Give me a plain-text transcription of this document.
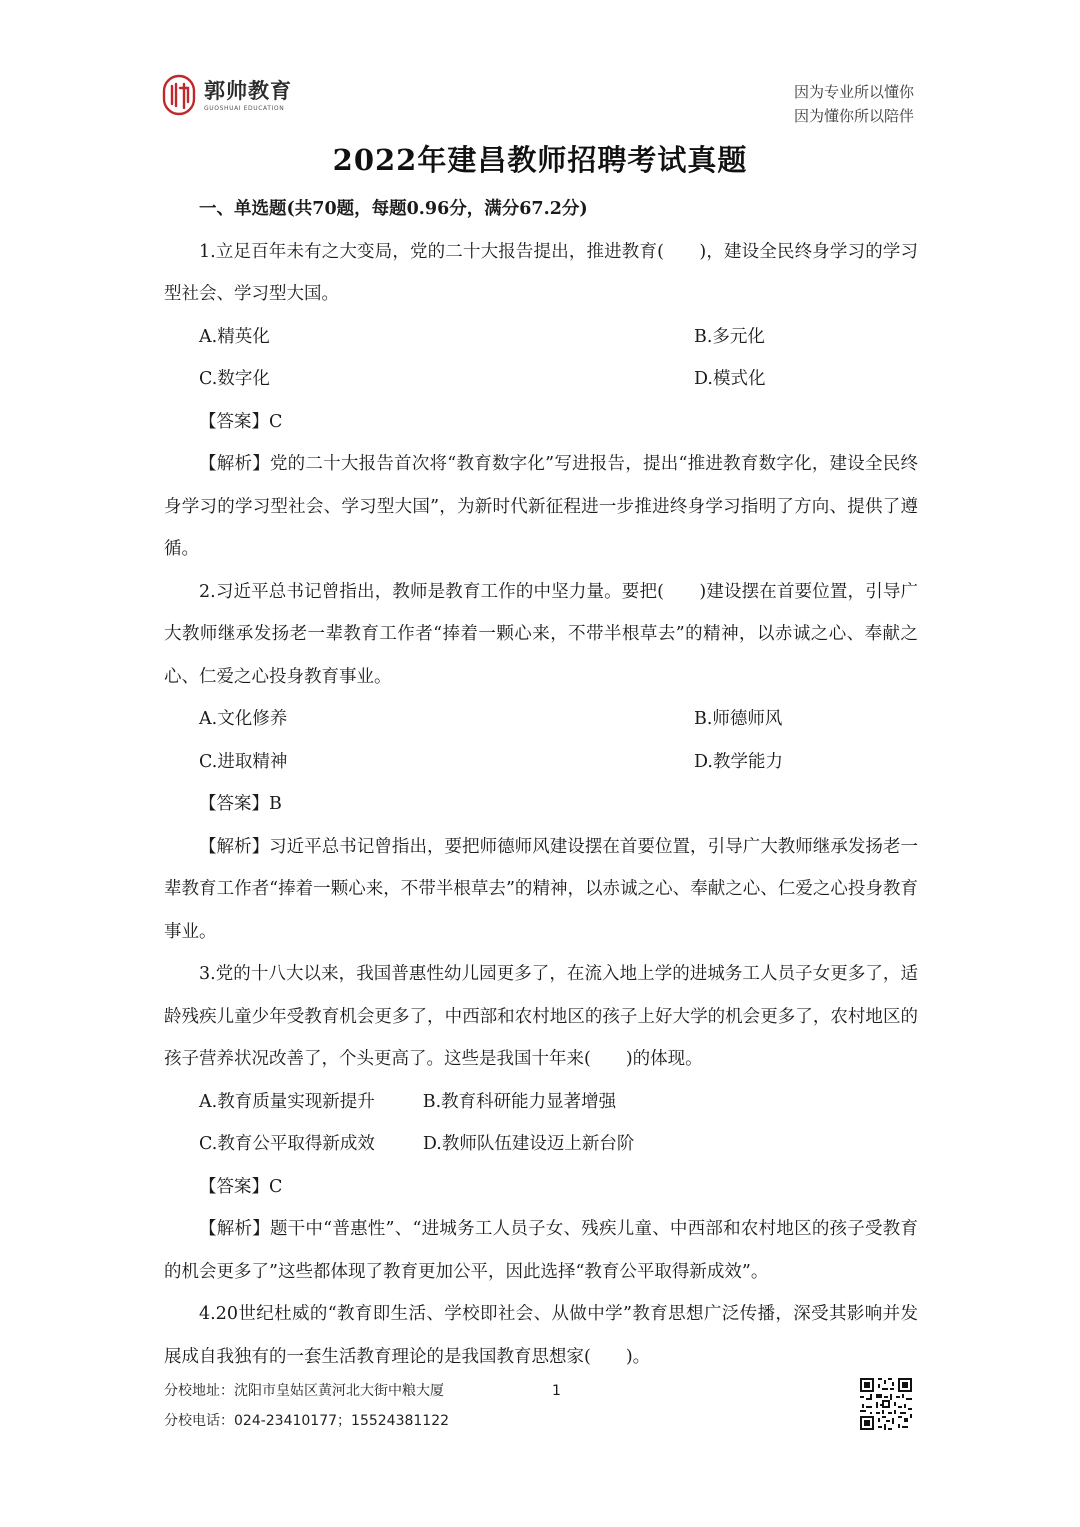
郭帅教育
GUOSHUAI EDUCATION
因为专业所以懂你
因为懂你所以陪伴
2022年建昌教师招聘考试真题

一、单选题(共70题，每题0.96分，满分67.2分)

1.立足百年未有之大变局，党的二十大报告提出，推进教育(　　)，建设全民终身学习的学习型社会、学习型大国。

A.精英化	B.多元化
C.数字化	D.模式化

【答案】C

【解析】党的二十大报告首次将“教育数字化”写进报告，提出“推进教育数字化，建设全民终身学习的学习型社会、学习型大国”，为新时代新征程进一步推进终身学习指明了方向、提供了遵循。

2.习近平总书记曾指出，教师是教育工作的中坚力量。要把(　　)建设摆在首要位置，引导广大教师继承发扬老一辈教育工作者“捧着一颗心来，不带半根草去”的精神，以赤诚之心、奉献之心、仁爱之心投身教育事业。

A.文化修养	B.师德师风
C.进取精神	D.教学能力

【答案】B

【解析】习近平总书记曾指出，要把师德师风建设摆在首要位置，引导广大教师继承发扬老一辈教育工作者“捧着一颗心来，不带半根草去”的精神，以赤诚之心、奉献之心、仁爱之心投身教育事业。

3.党的十八大以来，我国普惠性幼儿园更多了，在流入地上学的进城务工人员子女更多了，适龄残疾儿童少年受教育机会更多了，中西部和农村地区的孩子上好大学的机会更多了，农村地区的孩子营养状况改善了，个头更高了。这些是我国十年来(　　)的体现。

A.教育质量实现新提升	B.教育科研能力显著增强
C.教育公平取得新成效	D.教师队伍建设迈上新台阶

【答案】C

【解析】题干中“普惠性”、“进城务工人员子女、残疾儿童、中西部和农村地区的孩子受教育的机会更多了”这些都体现了教育更加公平，因此选择“教育公平取得新成效”。

4.20世纪杜威的“教育即生活、学校即社会、从做中学”教育思想广泛传播，深受其影响并发展成自我独有的一套生活教育理论的是我国教育思想家(　　)。

分校地址：沈阳市皇姑区黄河北大街中粮大厦
分校电话：024-23410177；15524381122
1
